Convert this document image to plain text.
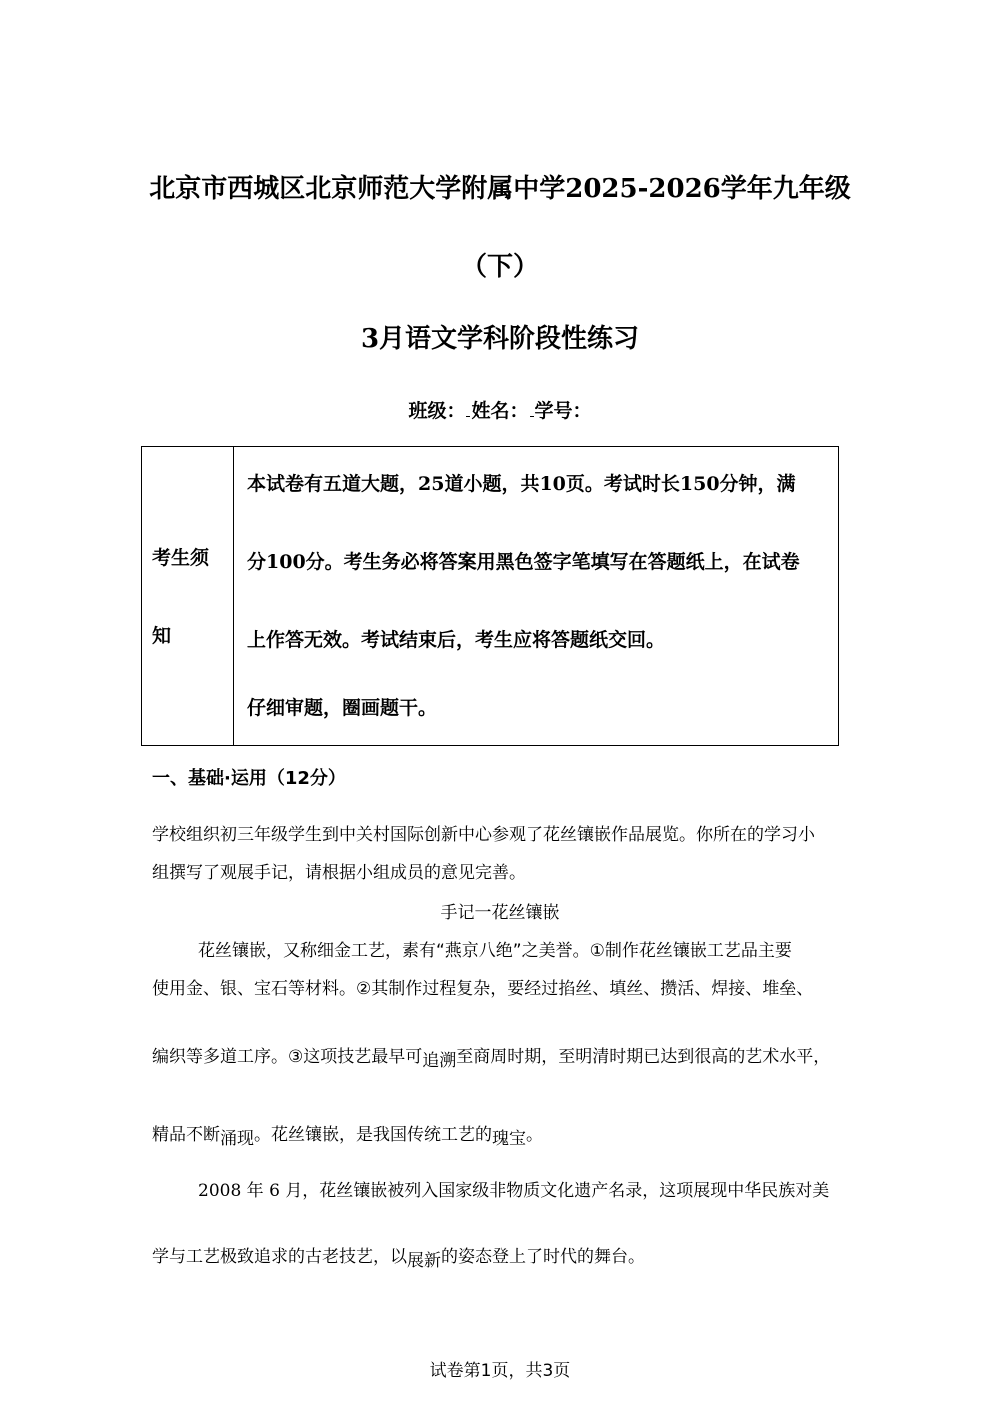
北京市西城区北京师范大学附属中学2025-2026学年九年级
（下）
3月语文学科阶段性练习
班级： 姓名： 学号：
考生须
知
本试卷有五道大题，25道小题，共10页。考试时长150分钟，满
分100分。考生务必将答案用黑色签字笔填写在答题纸上，在试卷
上作答无效。考试结束后，考生应将答题纸交回。
仔细审题，圈画题干。
一、基础·运用（12分）
学校组织初三年级学生到中关村国际创新中心参观了花丝镶嵌作品展览。你所在的学习小
组撰写了观展手记，请根据小组成员的意见完善。
手记一花丝镶嵌
花丝镶嵌，又称细金工艺，素有“燕京八绝”之美誉。①制作花丝镶嵌工艺品主要
使用金、银、宝石等材料。②其制作过程复杂，要经过掐丝、填丝、攒活、焊接、堆垒、
编织等多道工序。③这项技艺最早可追溯至商周时期，至明清时期已达到很高的艺术水平，
精品不断涌现。花丝镶嵌，是我国传统工艺的瑰宝。
2008 年 6 月，花丝镶嵌被列入国家级非物质文化遗产名录，这项展现中华民族对美
学与工艺极致追求的古老技艺，以展新的姿态登上了时代的舞台。
试卷第1页，共3页
